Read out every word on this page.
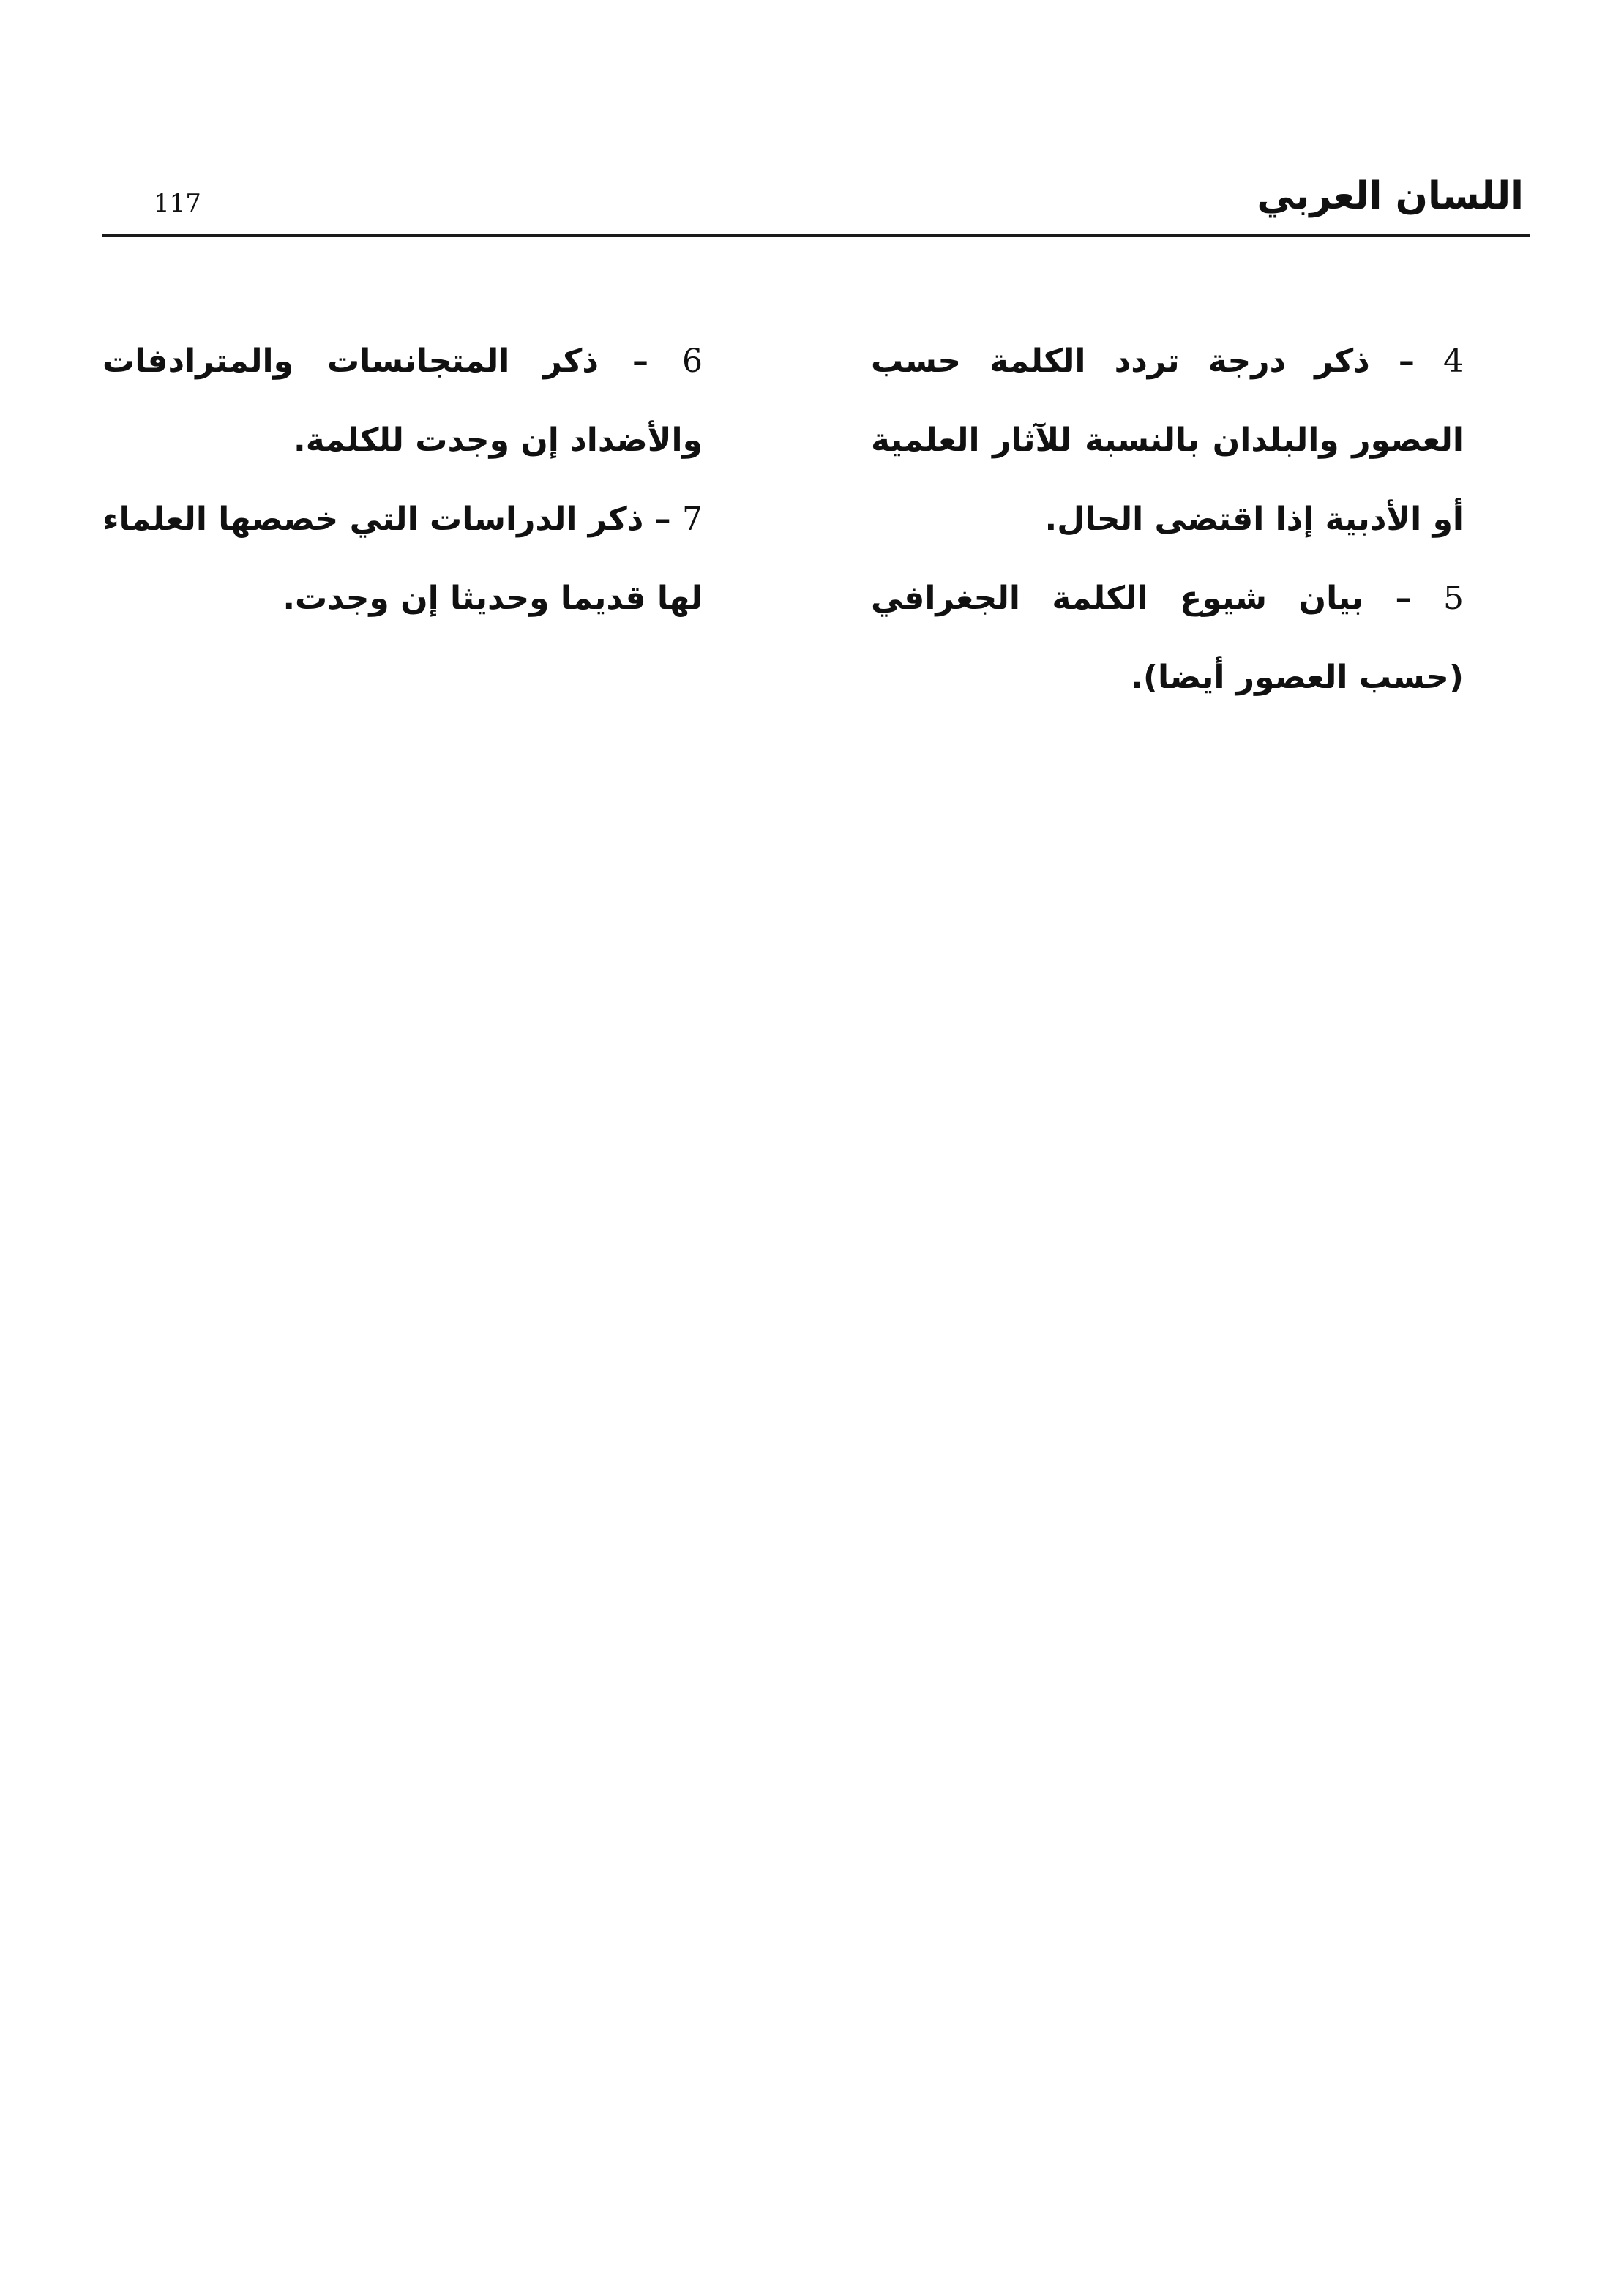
اللسان العربي
117

4 – ذكر درجة تردد الكلمة حسب العصور والبلدان بالنسبة للآثار العلمية أو الأدبية إذا اقتضى الحال.

5 – بيان شيوع الكلمة الجغرافي (حسب العصور أيضا).

6 – ذكر المتجانسات والمترادفات والأضداد إن وجدت للكلمة.

7 – ذكر الدراسات التي خصصها العلماء لها قديما وحديثا إن وجدت.
